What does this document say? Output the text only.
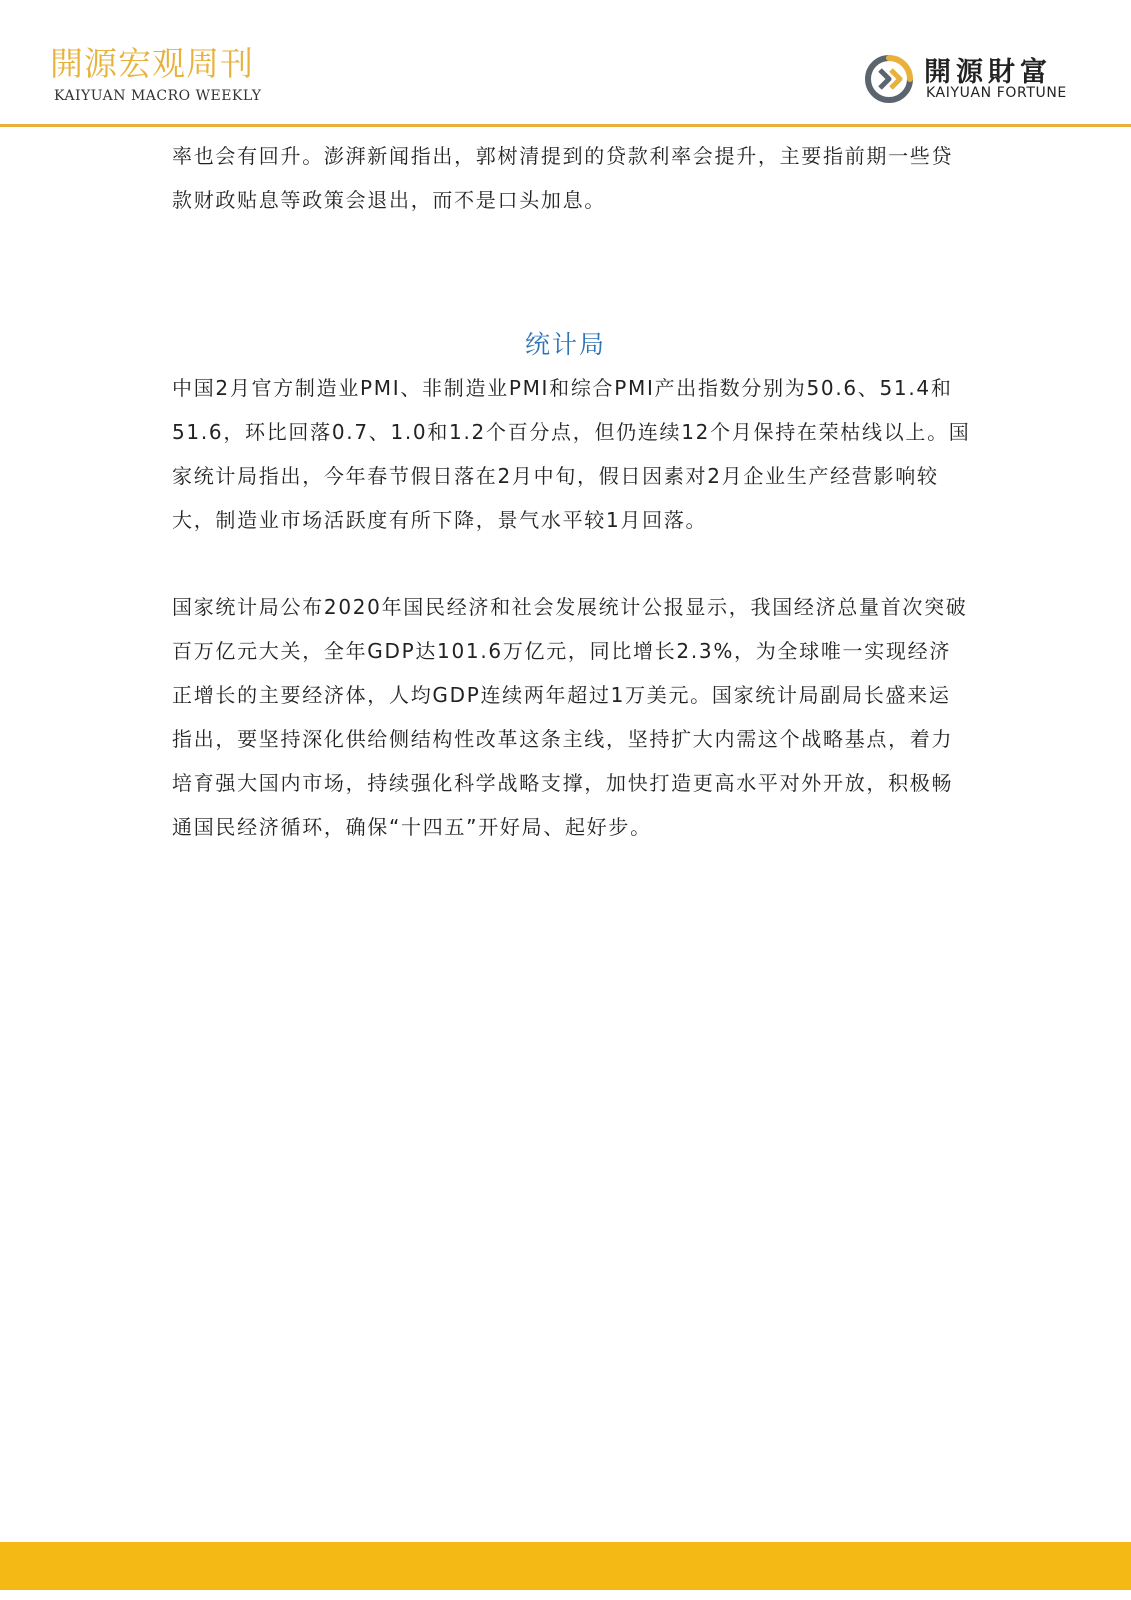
開源宏观周刊
KAIYUAN MACRO WEEKLY
開源財富
KAIYUAN FORTUNE

率也会有回升。澎湃新闻指出，郭树清提到的贷款利率会提升，主要指前期一些贷款财政贴息等政策会退出，而不是口头加息。

统计局

中国2月官方制造业PMI、非制造业PMI和综合PMI产出指数分别为50.6、51.4和51.6，环比回落0.7、1.0和1.2个百分点，但仍连续12个月保持在荣枯线以上。国家统计局指出，今年春节假日落在2月中旬，假日因素对2月企业生产经营影响较大，制造业市场活跃度有所下降，景气水平较1月回落。

国家统计局公布2020年国民经济和社会发展统计公报显示，我国经济总量首次突破百万亿元大关，全年GDP达101.6万亿元，同比增长2.3%，为全球唯一实现经济正增长的主要经济体，人均GDP连续两年超过1万美元。国家统计局副局长盛来运指出，要坚持深化供给侧结构性改革这条主线，坚持扩大内需这个战略基点，着力培育强大国内市场，持续强化科学战略支撑，加快打造更高水平对外开放，积极畅通国民经济循环，确保“十四五”开好局、起好步。
